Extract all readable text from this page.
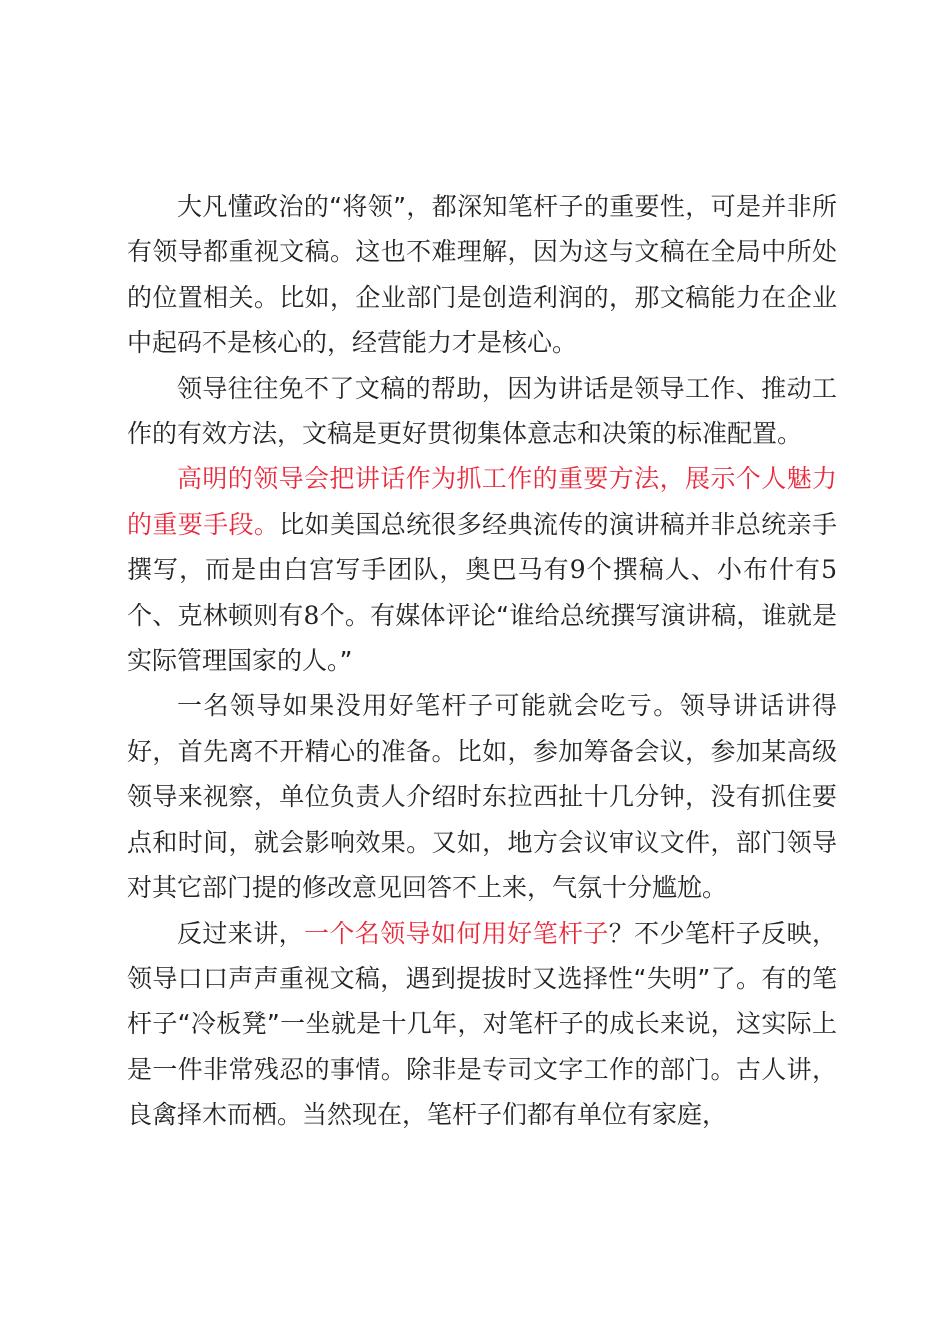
大凡懂政治的“将领”，都深知笔杆子的重要性，可是并非所有领导都重视文稿。这也不难理解，因为这与文稿在全局中所处的位置相关。比如，企业部门是创造利润的，那文稿能力在企业中起码不是核心的，经营能力才是核心。

领导往往免不了文稿的帮助，因为讲话是领导工作、推动工作的有效方法，文稿是更好贯彻集体意志和决策的标准配置。

高明的领导会把讲话作为抓工作的重要方法，展示个人魅力的重要手段。比如美国总统很多经典流传的演讲稿并非总统亲手撰写，而是由白宫写手团队，奥巴马有9个撰稿人、小布什有5个、克林顿则有8个。有媒体评论“谁给总统撰写演讲稿，谁就是实际管理国家的人。”

一名领导如果没用好笔杆子可能就会吃亏。领导讲话讲得好，首先离不开精心的准备。比如，参加筹备会议，参加某高级领导来视察，单位负责人介绍时东拉西扯十几分钟，没有抓住要点和时间，就会影响效果。又如，地方会议审议文件，部门领导对其它部门提的修改意见回答不上来，气氛十分尴尬。

反过来讲，一个名领导如何用好笔杆子？不少笔杆子反映，领导口口声声重视文稿，遇到提拔时又选择性“失明”了。有的笔杆子“冷板凳”一坐就是十几年，对笔杆子的成长来说，这实际上是一件非常残忍的事情。除非是专司文字工作的部门。古人讲，良禽择木而栖。当然现在，笔杆子们都有单位有家庭，
